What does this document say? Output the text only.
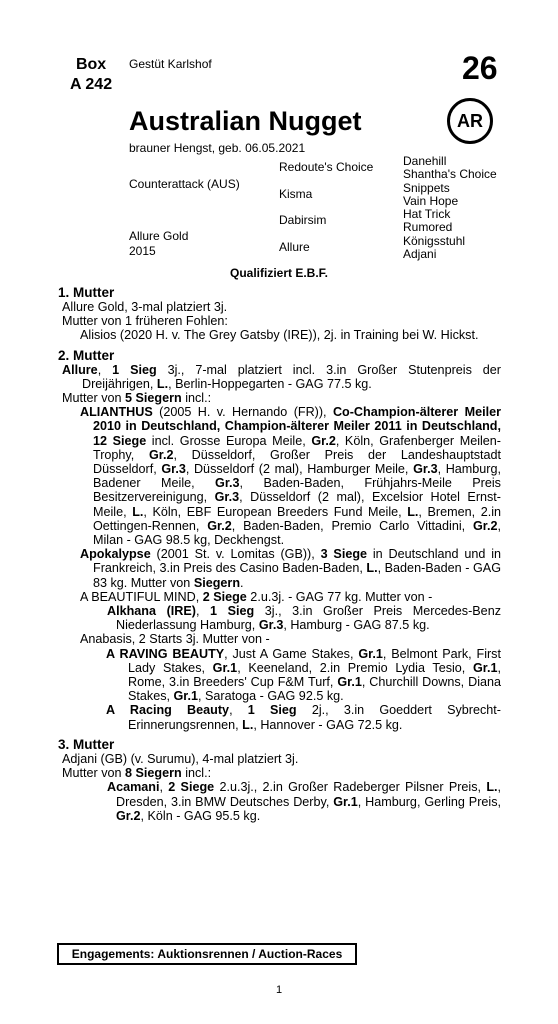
Box
A 242
Gestüt Karlshof	26
AR
Australian Nugget
brauner Hengst, geb. 06.05.2021
Counterattack (AUS)
Allure Gold
2015
Redoute's Choice
Kisma
Dabirsim
Allure
Danehill
Shantha's Choice
Snippets
Vain Hope
Hat Trick
Rumored
Königsstuhl
Adjani
Qualifiziert E.B.F.
1. Mutter
Allure Gold, 3-mal platziert 3j.
Mutter von 1 früheren Fohlen:
Alisios (2020 H. v. The Grey Gatsby (IRE)), 2j. in Training bei W. Hickst.
2. Mutter
Allure, 1 Sieg 3j., 7-mal platziert incl. 3.in Großer Stutenpreis der Dreijährigen, L., Berlin-Hoppegarten - GAG 77.5 kg.
Mutter von 5 Siegern incl.:
ALIANTHUS (2005 H. v. Hernando (FR)), Co-Champion-älterer Meiler 2010 in Deutschland, Champion-älterer Meiler 2011 in Deutschland, 12 Siege incl. Grosse Europa Meile, Gr.2, Köln, Grafenberger Meilen-Trophy, Gr.2, Düsseldorf, Großer Preis der Landeshauptstadt Düsseldorf, Gr.3, Düsseldorf (2 mal), Hamburger Meile, Gr.3, Hamburg, Badener Meile, Gr.3, Baden-Baden, Frühjahrs-Meile Preis Besitzervereinigung, Gr.3, Düsseldorf (2 mal), Excelsior Hotel Ernst-Meile, L., Köln, EBF European Breeders Fund Meile, L., Bremen, 2.in Oettingen-Rennen, Gr.2, Baden-Baden, Premio Carlo Vittadini, Gr.2, Milan - GAG 98.5 kg, Deckhengst.
Apokalypse (2001 St. v. Lomitas (GB)), 3 Siege in Deutschland und in Frankreich, 3.in Preis des Casino Baden-Baden, L., Baden-Baden - GAG 83 kg. Mutter von Siegern.
A BEAUTIFUL MIND, 2 Siege 2.u.3j. - GAG 77 kg. Mutter von -
Alkhana (IRE), 1 Sieg 3j., 3.in Großer Preis Mercedes-Benz Niederlassung Hamburg, Gr.3, Hamburg - GAG 87.5 kg.
Anabasis, 2 Starts 3j. Mutter von -
A RAVING BEAUTY, Just A Game Stakes, Gr.1, Belmont Park, First Lady Stakes, Gr.1, Keeneland, 2.in Premio Lydia Tesio, Gr.1, Rome, 3.in Breeders' Cup F&M Turf, Gr.1, Churchill Downs, Diana Stakes, Gr.1, Saratoga - GAG 92.5 kg.
A Racing Beauty, 1 Sieg 2j., 3.in Goeddert Sybrecht-Erinnerungsrennen, L., Hannover - GAG 72.5 kg.
3. Mutter
Adjani (GB) (v. Surumu), 4-mal platziert 3j.
Mutter von 8 Siegern incl.:
Acamani, 2 Siege 2.u.3j., 2.in Großer Radeberger Pilsner Preis, L., Dresden, 3.in BMW Deutsches Derby, Gr.1, Hamburg, Gerling Preis, Gr.2, Köln - GAG 95.5 kg.
Engagements: Auktionsrennen / Auction-Races
1
